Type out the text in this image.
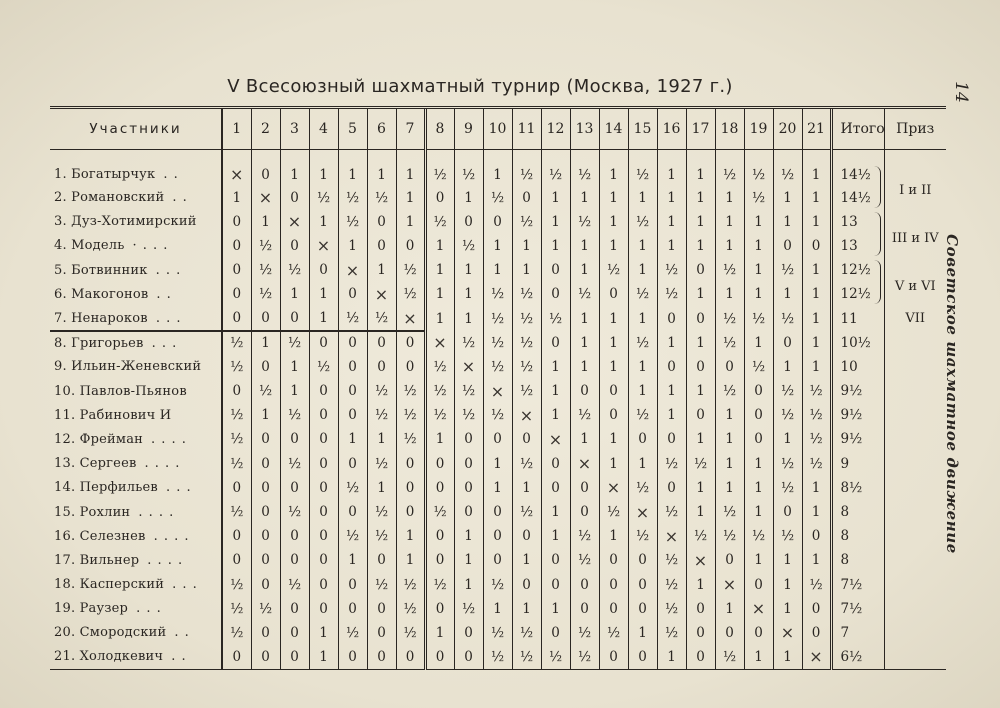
V Всесоюзный шахматный турнир (Москва, 1927 г.)	14
Советское шахматное движение
Участники	1	2	3	4	5	6	7	8	9	10	11	12	13	14	15	16	17	18	19	20	21	Итого	Приз
1. Богатырчук . .	×	0	1	1	1	1	1	½	½	1	½	½	½	1	½	1	1	½	½	½	1	14½	I и II
2. Романовский . .	1	×	0	½	½	½	1	0	1	½	0	1	1	1	1	1	1	1	½	1	1	14½	
3. Дуз-Хотимирский	0	1	×	1	½	0	1	½	0	0	½	1	½	1	½	1	1	1	1	1	1	13	III и IV
4. Модель · . . .	0	½	0	×	1	0	0	1	½	1	1	1	1	1	1	1	1	1	1	0	0	13	
5. Ботвинник . . .	0	½	½	0	×	1	½	1	1	1	1	0	1	½	1	½	0	½	1	½	1	12½	V и VI
6. Макогонов . .	0	½	1	1	0	×	½	1	1	½	½	0	½	0	½	½	1	1	1	1	1	12½	
7. Ненароков . . .	0	0	0	1	½	½	×	1	1	½	½	½	1	1	1	0	0	½	½	½	1	11	VII
8. Григорьев . . .	½	1	½	0	0	0	0	×	½	½	½	0	1	1	½	1	1	½	1	0	1	10½	
9. Ильин-Женевский	½	0	1	½	0	0	0	½	×	½	½	1	1	1	1	0	0	0	½	1	1	10	
10. Павлов-Пьянов	0	½	1	0	0	½	½	½	½	×	½	1	0	0	1	1	1	½	0	½	½	9½	
11. Рабинович И	½	1	½	0	0	½	½	½	½	½	×	1	½	0	½	1	0	1	0	½	½	9½	
12. Фрейман . . . .	½	0	0	0	1	1	½	1	0	0	0	×	1	1	0	0	1	1	0	1	½	9½	
13. Сергеев . . . .	½	0	½	0	0	½	0	0	0	1	½	0	×	1	1	½	½	1	1	½	½	9	
14. Перфильев . . .	0	0	0	0	½	1	0	0	0	1	1	0	0	×	½	0	1	1	1	½	1	8½	
15. Рохлин . . . .	½	0	½	0	0	½	0	½	0	0	½	1	0	½	×	½	1	½	1	0	1	8	
16. Селезнев . . . .	0	0	0	0	½	½	1	0	1	0	0	1	½	1	½	×	½	½	½	½	0	8	
17. Вильнер . . . .	0	0	0	0	1	0	1	0	1	0	1	0	½	0	0	½	×	0	1	1	1	8	
18. Касперский . . .	½	0	½	0	0	½	½	½	1	½	0	0	0	0	0	½	1	×	0	1	½	7½	
19. Раузер . . .	½	½	0	0	0	0	½	0	½	1	1	1	0	0	0	½	0	1	×	1	0	7½	
20. Смородский . .	½	0	0	1	½	0	½	1	0	½	½	0	½	½	1	½	0	0	0	×	0	7	
21. Холодкевич . .	0	0	0	1	0	0	0	0	0	½	½	½	½	0	0	1	0	½	1	1	×	6½	
